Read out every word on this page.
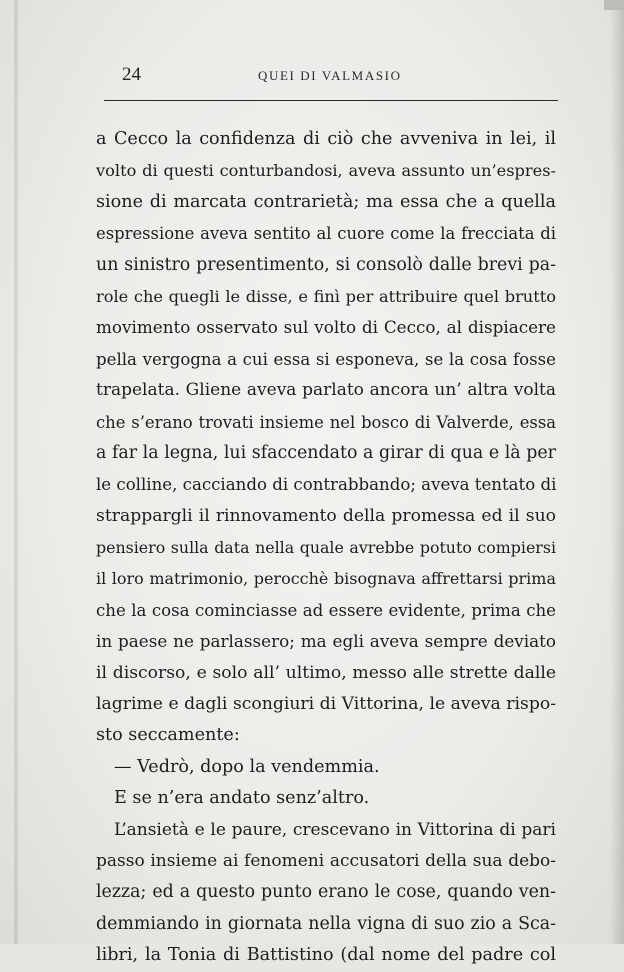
24	QUEI DI VALMASIO
a Cecco la confidenza di ciò che avveniva in lei, il
volto di questi conturbandosi, aveva assunto un’espres-
sione di marcata contrarietà; ma essa che a quella
espressione aveva sentito al cuore come la frecciata di
un sinistro presentimento, si consolò dalle brevi pa-
role che quegli le disse, e finì per attribuire quel brutto
movimento osservato sul volto di Cecco, al dispiacere
pella vergogna a cui essa si esponeva, se la cosa fosse
trapelata. Gliene aveva parlato ancora un’ altra volta
che s’erano trovati insieme nel bosco di Valverde, essa
a far la legna, lui sfaccendato a girar di qua e là per
le colline, cacciando di contrabbando; aveva tentato di
strappargli il rinnovamento della promessa ed il suo
pensiero sulla data nella quale avrebbe potuto compiersi
il loro matrimonio, perocchè bisognava affrettarsi prima
che la cosa cominciasse ad essere evidente, prima che
in paese ne parlassero; ma egli aveva sempre deviato
il discorso, e solo all’ ultimo, messo alle strette dalle
lagrime e dagli scongiuri di Vittorina, le aveva rispo-
sto seccamente:
— Vedrò, dopo la vendemmia.
E se n’era andato senz’altro.
L’ansietà e le paure, crescevano in Vittorina di pari
passo insieme ai fenomeni accusatori della sua debo-
lezza; ed a questo punto erano le cose, quando ven-
demmiando in giornata nella vigna di suo zio a Sca-
libri, la Tonia di Battistino (dal nome del padre col
